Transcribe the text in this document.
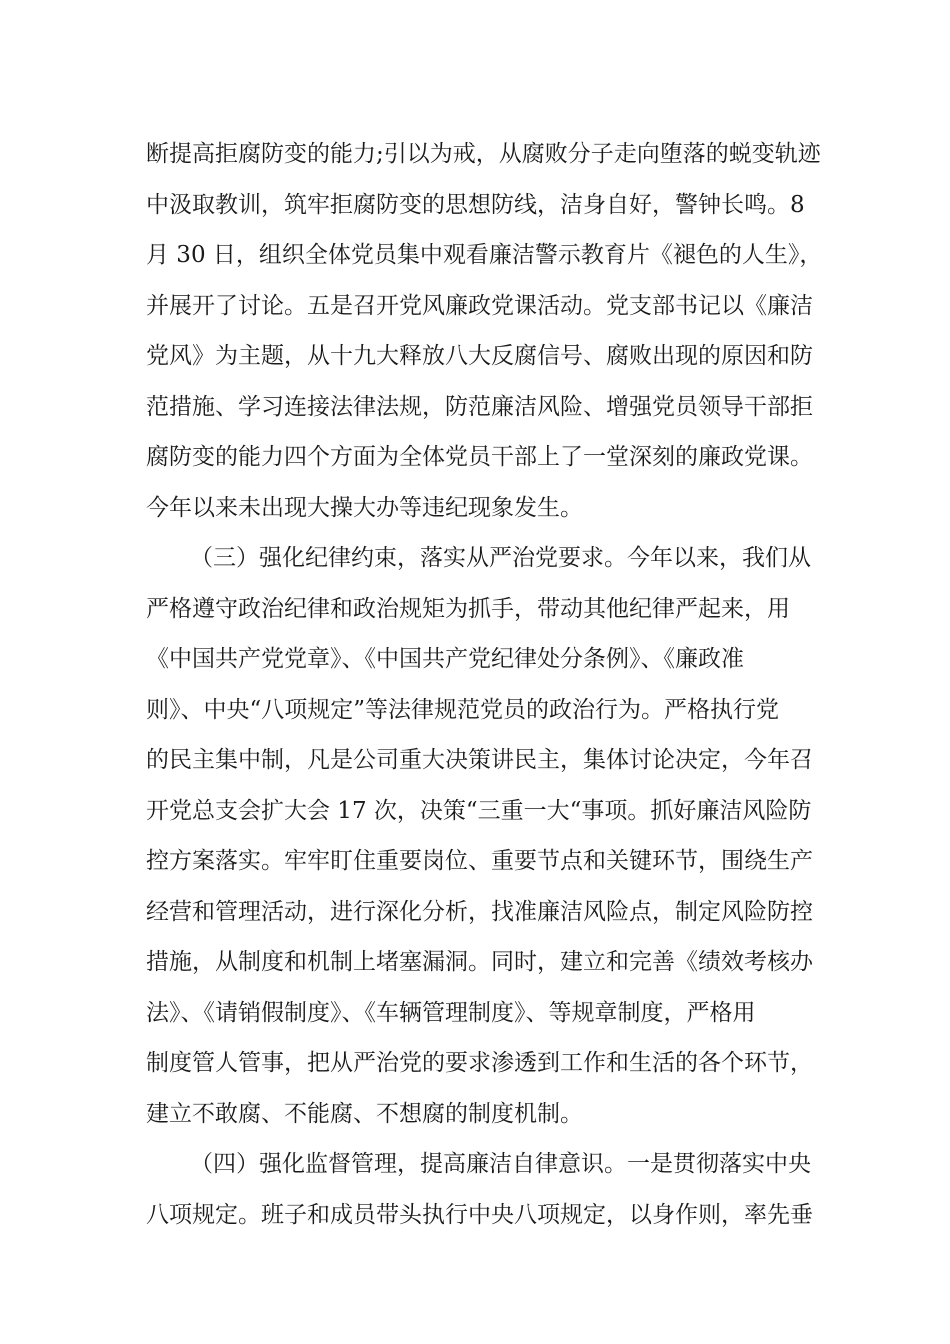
断提高拒腐防变的能力;引以为戒，从腐败分子走向堕落的蜕变轨迹
中汲取教训，筑牢拒腐防变的思想防线，洁身自好，警钟长鸣。8
月 30 日，组织全体党员集中观看廉洁警示教育片《褪色的人生》，
并展开了讨论。五是召开党风廉政党课活动。党支部书记以《廉洁
党风》为主题，从十九大释放八大反腐信号、腐败出现的原因和防
范措施、学习连接法律法规，防范廉洁风险、增强党员领导干部拒
腐防变的能力四个方面为全体党员干部上了一堂深刻的廉政党课。
今年以来未出现大操大办等违纪现象发生。
（三）强化纪律约束，落实从严治党要求。今年以来，我们从
严格遵守政治纪律和政治规矩为抓手，带动其他纪律严起来，用
《中国共产党党章》、《中国共产党纪律处分条例》、《廉政准
则》、中央“八项规定”等法律规范党员的政治行为。严格执行党
的民主集中制，凡是公司重大决策讲民主，集体讨论决定，今年召
开党总支会扩大会 17 次，决策“三重一大“事项。抓好廉洁风险防
控方案落实。牢牢盯住重要岗位、重要节点和关键环节，围绕生产
经营和管理活动，进行深化分析，找准廉洁风险点，制定风险防控
措施，从制度和机制上堵塞漏洞。同时，建立和完善《绩效考核办
法》、《请销假制度》、《车辆管理制度》、等规章制度，严格用
制度管人管事，把从严治党的要求渗透到工作和生活的各个环节，
建立不敢腐、不能腐、不想腐的制度机制。
（四）强化监督管理，提高廉洁自律意识。一是贯彻落实中央
八项规定。班子和成员带头执行中央八项规定，以身作则，率先垂
